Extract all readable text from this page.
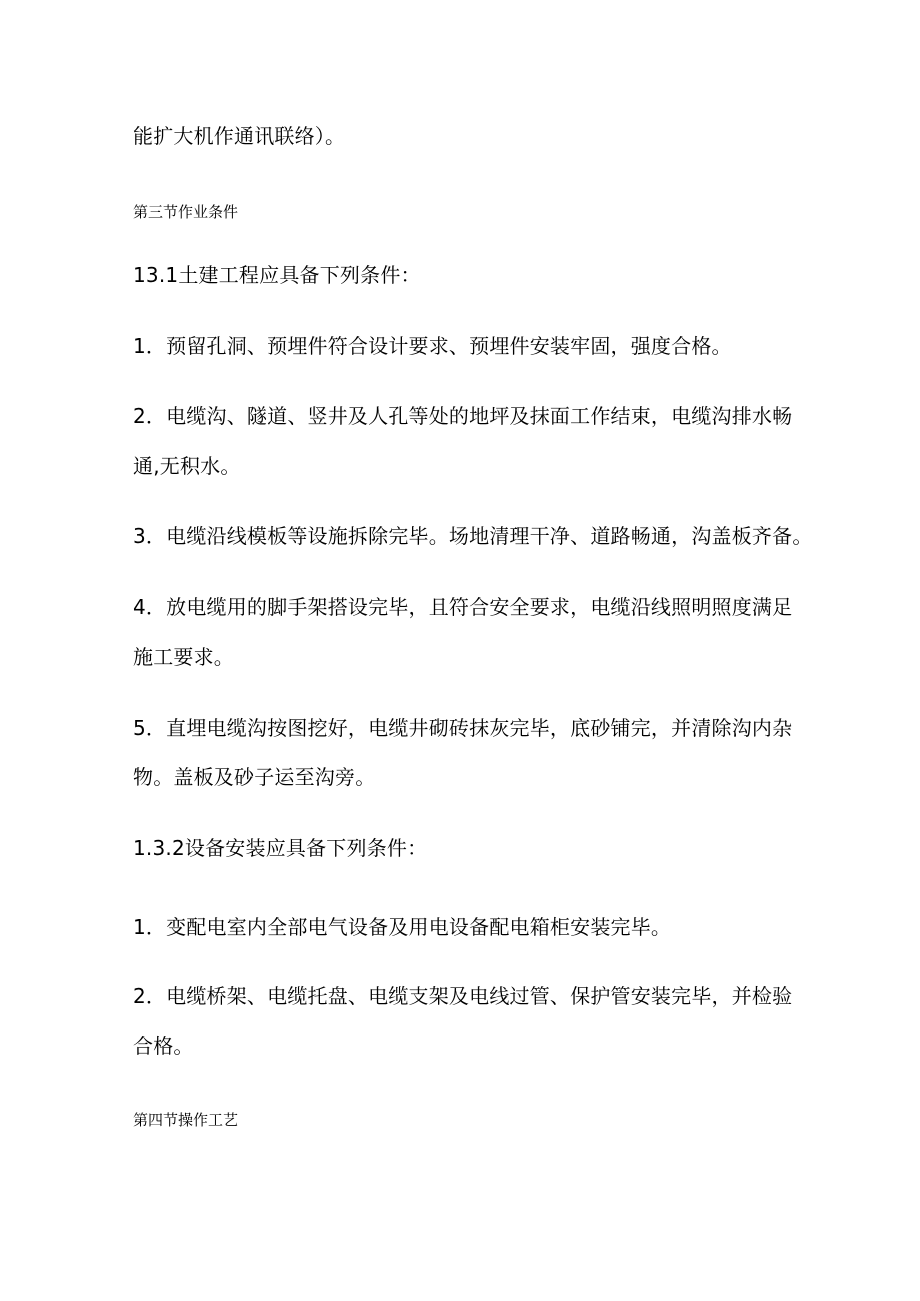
能扩大机作通讯联络）。
第三节作业条件
13.1土建工程应具备下列条件：
1．预留孔洞、预埋件符合设计要求、预埋件安装牢固，强度合格。
2．电缆沟、隧道、竖井及人孔等处的地坪及抹面工作结束，电缆沟排水畅
通,无积水。
3．电缆沿线模板等设施拆除完毕。场地清理干净、道路畅通，沟盖板齐备。
4．放电缆用的脚手架搭设完毕，且符合安全要求，电缆沿线照明照度满足
施工要求。
5．直埋电缆沟按图挖好，电缆井砌砖抹灰完毕，底砂铺完，并清除沟内杂
物。盖板及砂子运至沟旁。
1.3.2设备安装应具备下列条件：
1．变配电室内全部电气设备及用电设备配电箱柜安装完毕。
2．电缆桥架、电缆托盘、电缆支架及电线过管、保护管安装完毕，并检验
合格。
第四节操作工艺
